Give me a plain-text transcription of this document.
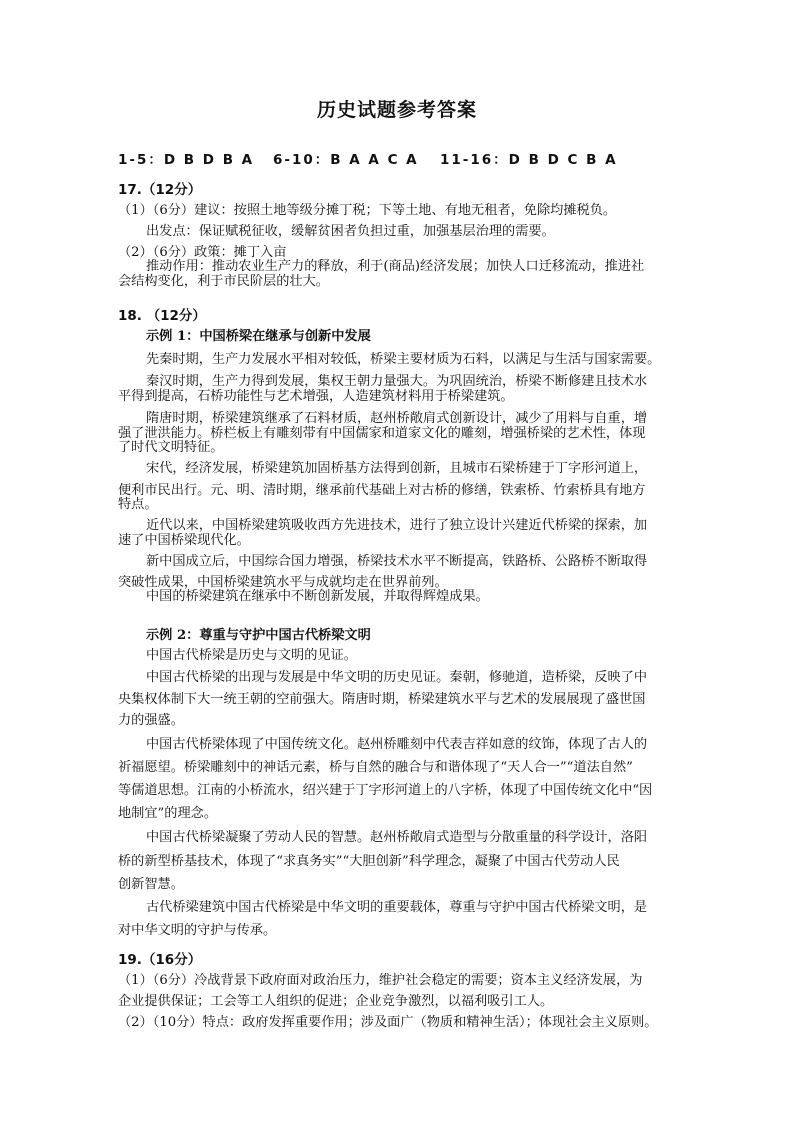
历史试题参考答案
1-5：D B D B A 6-10：B A A C A 11-16：D B D C B A
17.（12分）
（1）（6分）建议：按照土地等级分摊丁税；下等土地、有地无租者，免除均摊税负。
出发点：保证赋税征收，缓解贫困者负担过重，加强基层治理的需要。
（2）（6分）政策：摊丁入亩
推动作用：推动农业生产力的释放，利于(商品)经济发展；加快人口迁移流动，推进社
会结构变化，利于市民阶层的壮大。
18. （12分）
示例 1：中国桥梁在继承与创新中发展
先秦时期，生产力发展水平相对较低，桥梁主要材质为石料，以满足与生活与国家需要。
秦汉时期，生产力得到发展，集权王朝力量强大。为巩固统治，桥梁不断修建且技术水
平得到提高，石桥功能性与艺术增强，人造建筑材料用于桥梁建筑。
隋唐时期，桥梁建筑继承了石料材质，赵州桥敞肩式创新设计，减少了用料与自重，增
强了泄洪能力。桥栏板上有雕刻带有中国儒家和道家文化的雕刻，增强桥梁的艺术性，体现
了时代文明特征。
宋代，经济发展，桥梁建筑加固桥基方法得到创新，且城市石梁桥建于丁字形河道上，
便利市民出行。元、明、清时期，继承前代基础上对古桥的修缮，铁索桥、竹索桥具有地方
特点。
近代以来，中国桥梁建筑吸收西方先进技术，进行了独立设计兴建近代桥梁的探索，加
速了中国桥梁现代化。
新中国成立后，中国综合国力增强，桥梁技术水平不断提高，铁路桥、公路桥不断取得
突破性成果，中国桥梁建筑水平与成就均走在世界前列。
中国的桥梁建筑在继承中不断创新发展，并取得辉煌成果。
示例 2：尊重与守护中国古代桥梁文明
中国古代桥梁是历史与文明的见证。
中国古代桥梁的出现与发展是中华文明的历史见证。秦朝，修驰道，造桥梁，反映了中
央集权体制下大一统王朝的空前强大。隋唐时期，桥梁建筑水平与艺术的发展展现了盛世国
力的强盛。
中国古代桥梁体现了中国传统文化。赵州桥雕刻中代表吉祥如意的纹饰，体现了古人的
祈福愿望。桥梁雕刻中的神话元素，桥与自然的融合与和谐体现了“天人合一”“道法自然”
等儒道思想。江南的小桥流水，绍兴建于丁字形河道上的八字桥，体现了中国传统文化中“因
地制宜”的理念。
中国古代桥梁凝聚了劳动人民的智慧。赵州桥敞肩式造型与分散重量的科学设计，洛阳
桥的新型桥基技术，体现了“求真务实”“大胆创新”科学理念，凝聚了中国古代劳动人民
创新智慧。
古代桥梁建筑中国古代桥梁是中华文明的重要载体，尊重与守护中国古代桥梁文明，是
对中华文明的守护与传承。
19.（16分）
（1）（6分）冷战背景下政府面对政治压力，维护社会稳定的需要；资本主义经济发展，为
企业提供保证；工会等工人组织的促进；企业竞争激烈，以福利吸引工人。
（2）（10分）特点：政府发挥重要作用；涉及面广（物质和精神生活）；体现社会主义原则。
